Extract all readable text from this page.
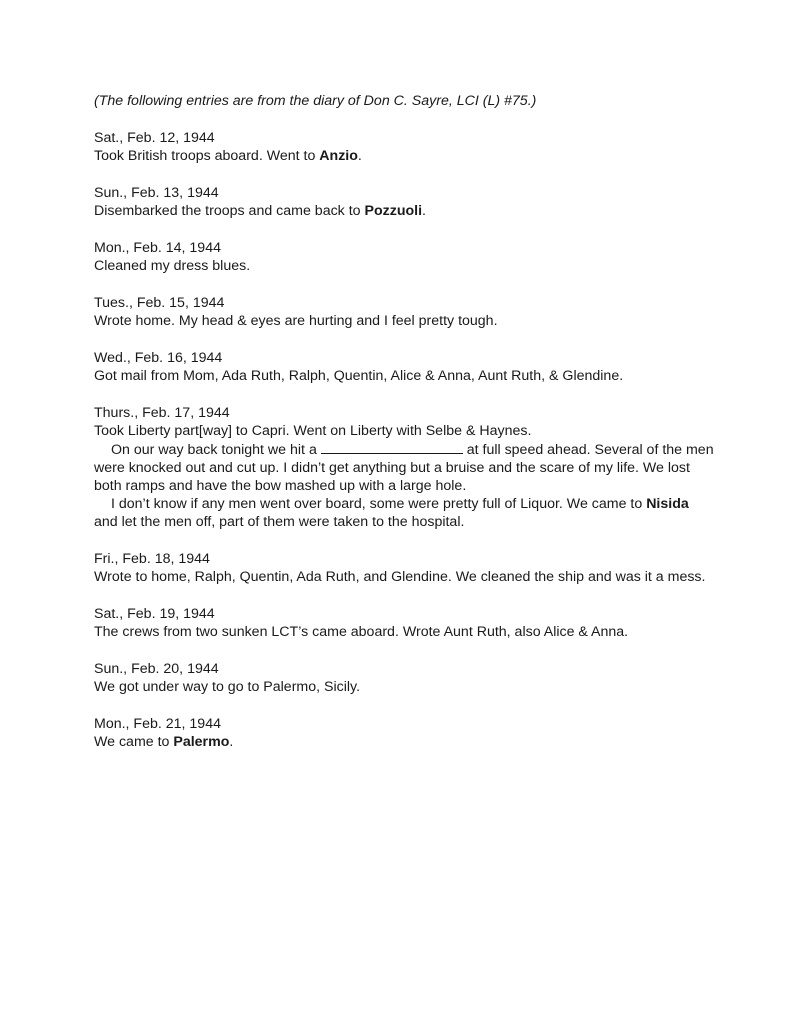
(The following entries are from the diary of Don C. Sayre, LCI (L) #75.)

Sat., Feb. 12, 1944

Took British troops aboard. Went to Anzio.

Sun., Feb. 13, 1944

Disembarked the troops and came back to Pozzuoli.

Mon., Feb. 14, 1944

Cleaned my dress blues.

Tues., Feb. 15, 1944

Wrote home. My head & eyes are hurting and I feel pretty tough.

Wed., Feb. 16, 1944

Got mail from Mom, Ada Ruth, Ralph, Quentin, Alice & Anna, Aunt Ruth, & Glendine.

Thurs., Feb. 17, 1944

Took Liberty part[way] to Capri. Went on Liberty with Selbe & Haynes.

On our way back tonight we hit a	at full speed ahead. Several of the men were knocked out and cut up. I didn’t get anything but a bruise and the scare of my life. We lost both ramps and have the bow mashed up with a large hole.

I don’t know if any men went over board, some were pretty full of Liquor. We came to Nisida and let the men off, part of them were taken to the hospital.

Fri., Feb. 18, 1944

Wrote to home, Ralph, Quentin, Ada Ruth, and Glendine. We cleaned the ship and was it a mess.

Sat., Feb. 19, 1944

The crews from two sunken LCT’s came aboard. Wrote Aunt Ruth, also Alice & Anna.

Sun., Feb. 20, 1944

We got under way to go to Palermo, Sicily.

Mon., Feb. 21, 1944

We came to Palermo.
